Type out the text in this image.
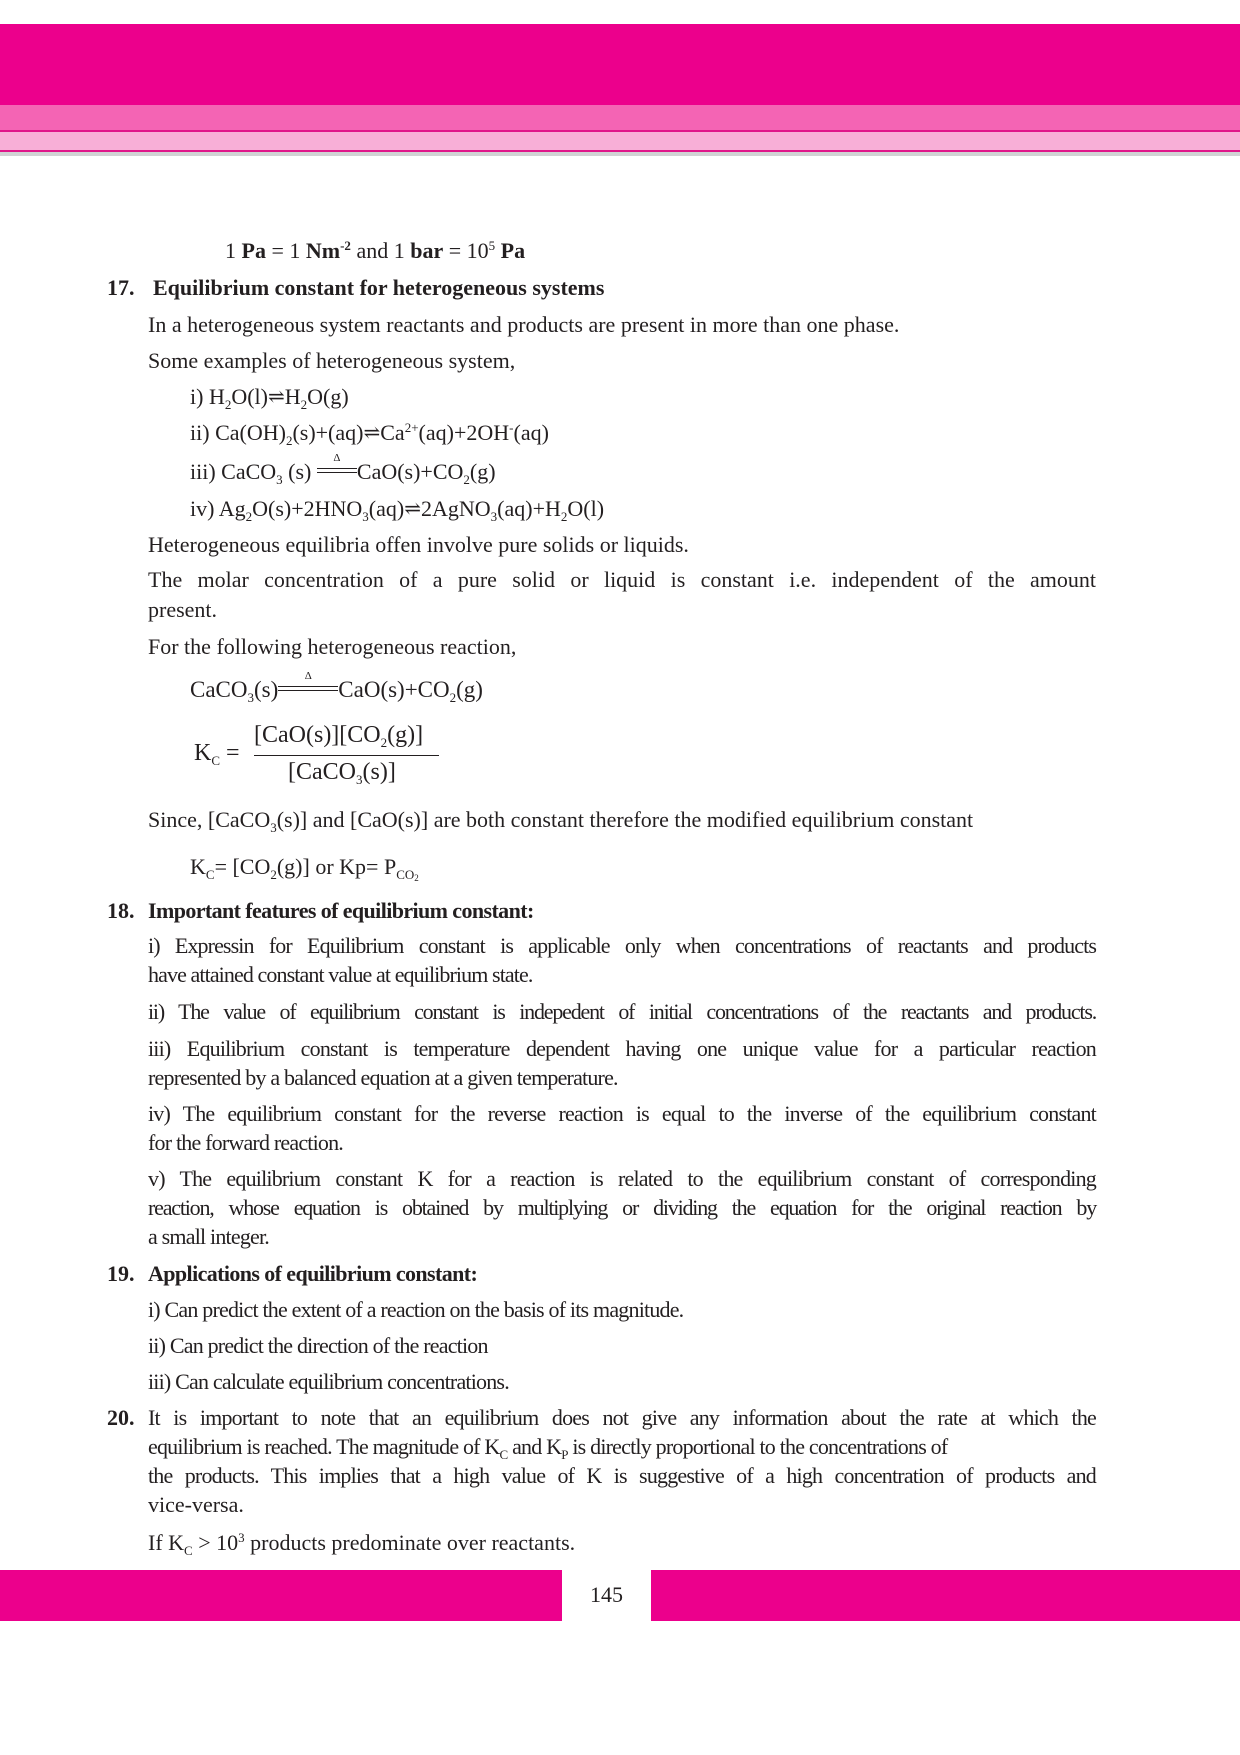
1 Pa = 1 $Nm^{-2}$ and 1 bar = $10^5$ Pa
17. Equilibrium constant for heterogeneous systems
In a heterogeneous system reactants and products are present in more than one phase.
Some examples of heterogeneous system,
i) $H_2O(l)\rightleftharpoons H_2O(g)$
ii) $Ca(OH)_2(s)+(aq)\rightleftharpoons Ca^{2+}(aq)+2OH^-(aq)$
iii) CaCO$_3$ (s)
Δ
$CaO(s)+CO_2(g)$
iv) $Ag_2O(s)+2HNO_3(aq)\rightleftharpoons 2AgNO_3(aq)+H_2O(l)$
Heterogeneous equilibria offen involve pure solids or liquids.
The molar concentration of a pure solid or liquid is constant i.e. independent of the amount
present.
For the following heterogeneous reaction,
CaCO$_3$(s)
Δ
$CaO(s)+CO_2(g)$
$K_C$ =
$[CaO(s)][CO_2(g)]$
[CaCO$_3$(s)]
Since, [CaCO$_3$(s)] and [CaO(s)] are both constant therefore the modified equilibrium constant
$K_C= [CO_2(g)]$ or $Kp= P_{CO_2}$
18. Important features of equilibrium constant:
i) Expressin for Equilibrium constant is applicable only when concentrations of reactants and products
have attained constant value at equilibrium state.
ii) The value of equilibrium constant is indepedent of initial concentrations of the reactants and products.
iii) Equilibrium constant is temperature dependent having one unique value for a particular reaction
represented by a balanced equation at a given temperature.
iv) The equilibrium constant for the reverse reaction is equal to the inverse of the equilibrium constant
for the forward reaction.
v) The equilibrium constant K for a reaction is related to the equilibrium constant of corresponding
reaction, whose equation is obtained by multiplying or dividing the equation for the original reaction by
a small integer.
19. Applications of equilibrium constant:
i) Can predict the extent of a reaction on the basis of its magnitude.
ii) Can predict the direction of the reaction
iii) Can calculate equilibrium concentrations.
20. It is important to note that an equilibrium does not give any information about the rate at which the
equilibrium is reached. The magnitude of $K_C$ and $K_P$ is directly proportional to the concentrations of
the products. This implies that a high value of K is suggestive of a high concentration of products and
vice-versa.
If $K_C > 10^3$ products predominate over reactants.
145
